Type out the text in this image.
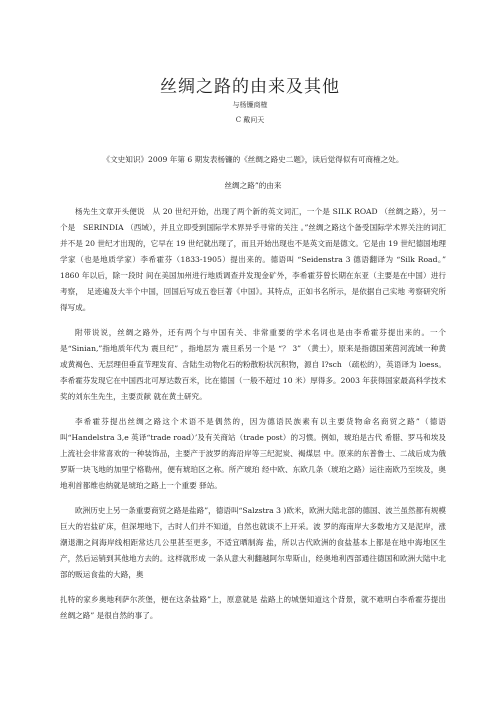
丝绸之路的由来及其他
与杨镰商榷
C 戴问天

《文史知识》2009 年第 6 期发表杨镰的《丝绸之路史二题》，读后觉得似有可商榷之处。

丝绸之路”的由来

杨先生文章开头便说　从 20 世纪开始，出现了两个新的英文词汇，一个是 SILK ROAD （丝绸之路），另一个是　SERINDIA （西域），并且立即受到国际学术界异乎寻常的关注 。”丝绸之路这个备受国际学术界关注的词汇并不是 20 世纪才出现的，它早在 19 世纪就出现了，而且开始出现也不是英文而是德文。它是由 19 世纪德国地理学家（也是地质学家）李希霍芬（1833-1905）提出来的。德语叫 “Seidenstra 3 德语翻译为 “Silk Road。” 1860 年以后，除一段时 间在美国加州进行地质调查并发现金矿外，李希霍芬曾长期在东亚（主要是在中国）进行考察，　足迹遍及大半个中国，回国后写成五卷巨著《中国》。其特点，正如书名所示，是依据自己实地 考察研究所得写成。

附带说说，丝绸之路外，还有两个与中国有关、非常重要的学术名词也是由李希霍芬提出来的。一个是“Sinian,”指地质年代为 震旦纪” ，指地层为 震旦系另一个是 “？ 3” （黄土），原来是指德国莱茵河流域一种黄或黄褐色、无层理但垂直节理发育、含陆生动物化石的粉散粉状沉积物，源自 I?sch （疏松的），英语译为 loess。李希霍芬发现它在中国西北可厚达数百米，比在德国（一般不超过 10 米）厚得多。2003 年获得国家最高科学技术奖的刘东生先生，主要贡献 就在黄土研究。

李希霍芬提出丝绸之路这个术语不是偶然的，因为德语民族素有以主要货物命名商贸之路”（德语叫“Handelstra 3,e 英译“trade road）’及有关商站（trade post）的习惯。例如，琥珀是古代 希腊、罗马和埃及上流社会非常喜欢的一种装饰品，主要产于波罗的海沿岸等三纪泥炭、褐煤层 中。原来的东普鲁士、二战后成为俄罗斯一块飞地的加里宁格勒州，便有琥珀区之称。所产琥珀 经中欧、东欧几条（琥珀之路）运往南欧乃至埃及，奥地利首都维也纳就是琥珀之路上一个重要 驿站。

欧洲历史上另一条重要商贸之路是盐路”，德语叫“Salzstra 3 )欧米，欧洲大陆北部的德国、波兰虽然都有规模巨大的岩盐矿床，但深埋地下，古时人们并不知道，自然也就谈不上开采。波 罗的海南岸大多数地方又是泥岸，涨潮退潮之间海岸线相距常达几公里甚至更多，不适宜晒制海 盐，所以古代欧洲的食盐基本上都是在地中海地区生产，然后运销到其他地方去的。这样就形成 一条从意大利翻越阿尔卑斯山，经奥地利西部通往德国和欧洲大陆中北部的贩运食盐的大路，奥

扎特的家乡奥地利萨尔茨堡，便在这条盐路”上，原意就是 盐路上的城堡知道这个背景，就不难明白李希霍芬提出 丝绸之路” 是很自然的事了。
